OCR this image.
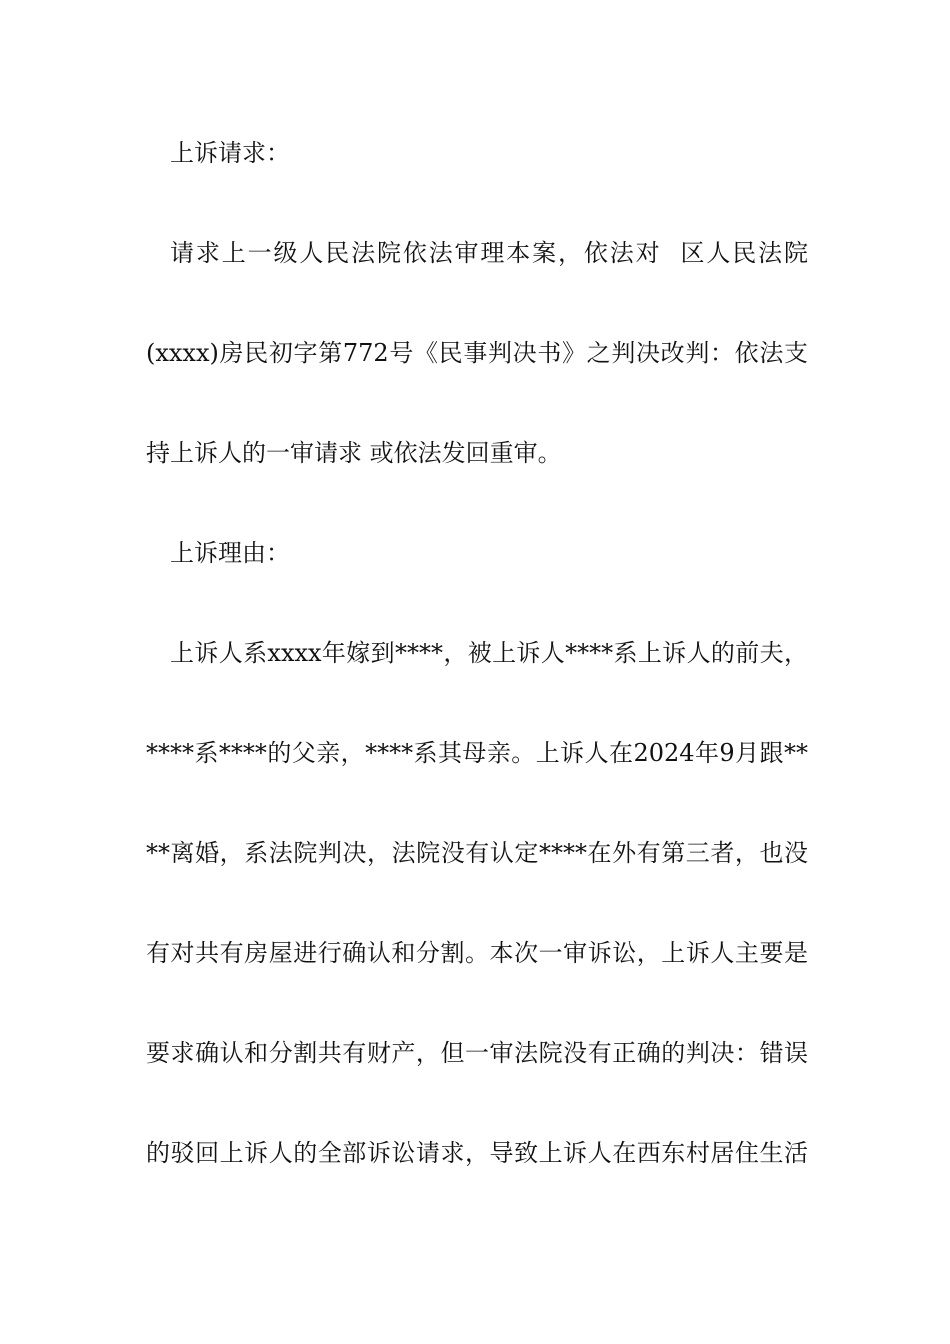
上诉请求：
请求上一级人民法院依法审理本案，依法对  区人民法院
(xxxx)房民初字第772号《民事判决书》之判决改判：依法支
持上诉人的一审请求 或依法发回重审。
上诉理由：
上诉人系xxxx年嫁到****，被上诉人****系上诉人的前夫，
****系****的父亲，****系其母亲。上诉人在2024年9月跟**
**离婚，系法院判决，法院没有认定****在外有第三者，也没
有对共有房屋进行确认和分割。本次一审诉讼，上诉人主要是
要求确认和分割共有财产，但一审法院没有正确的判决：错误
的驳回上诉人的全部诉讼请求，导致上诉人在西东村居住生活
